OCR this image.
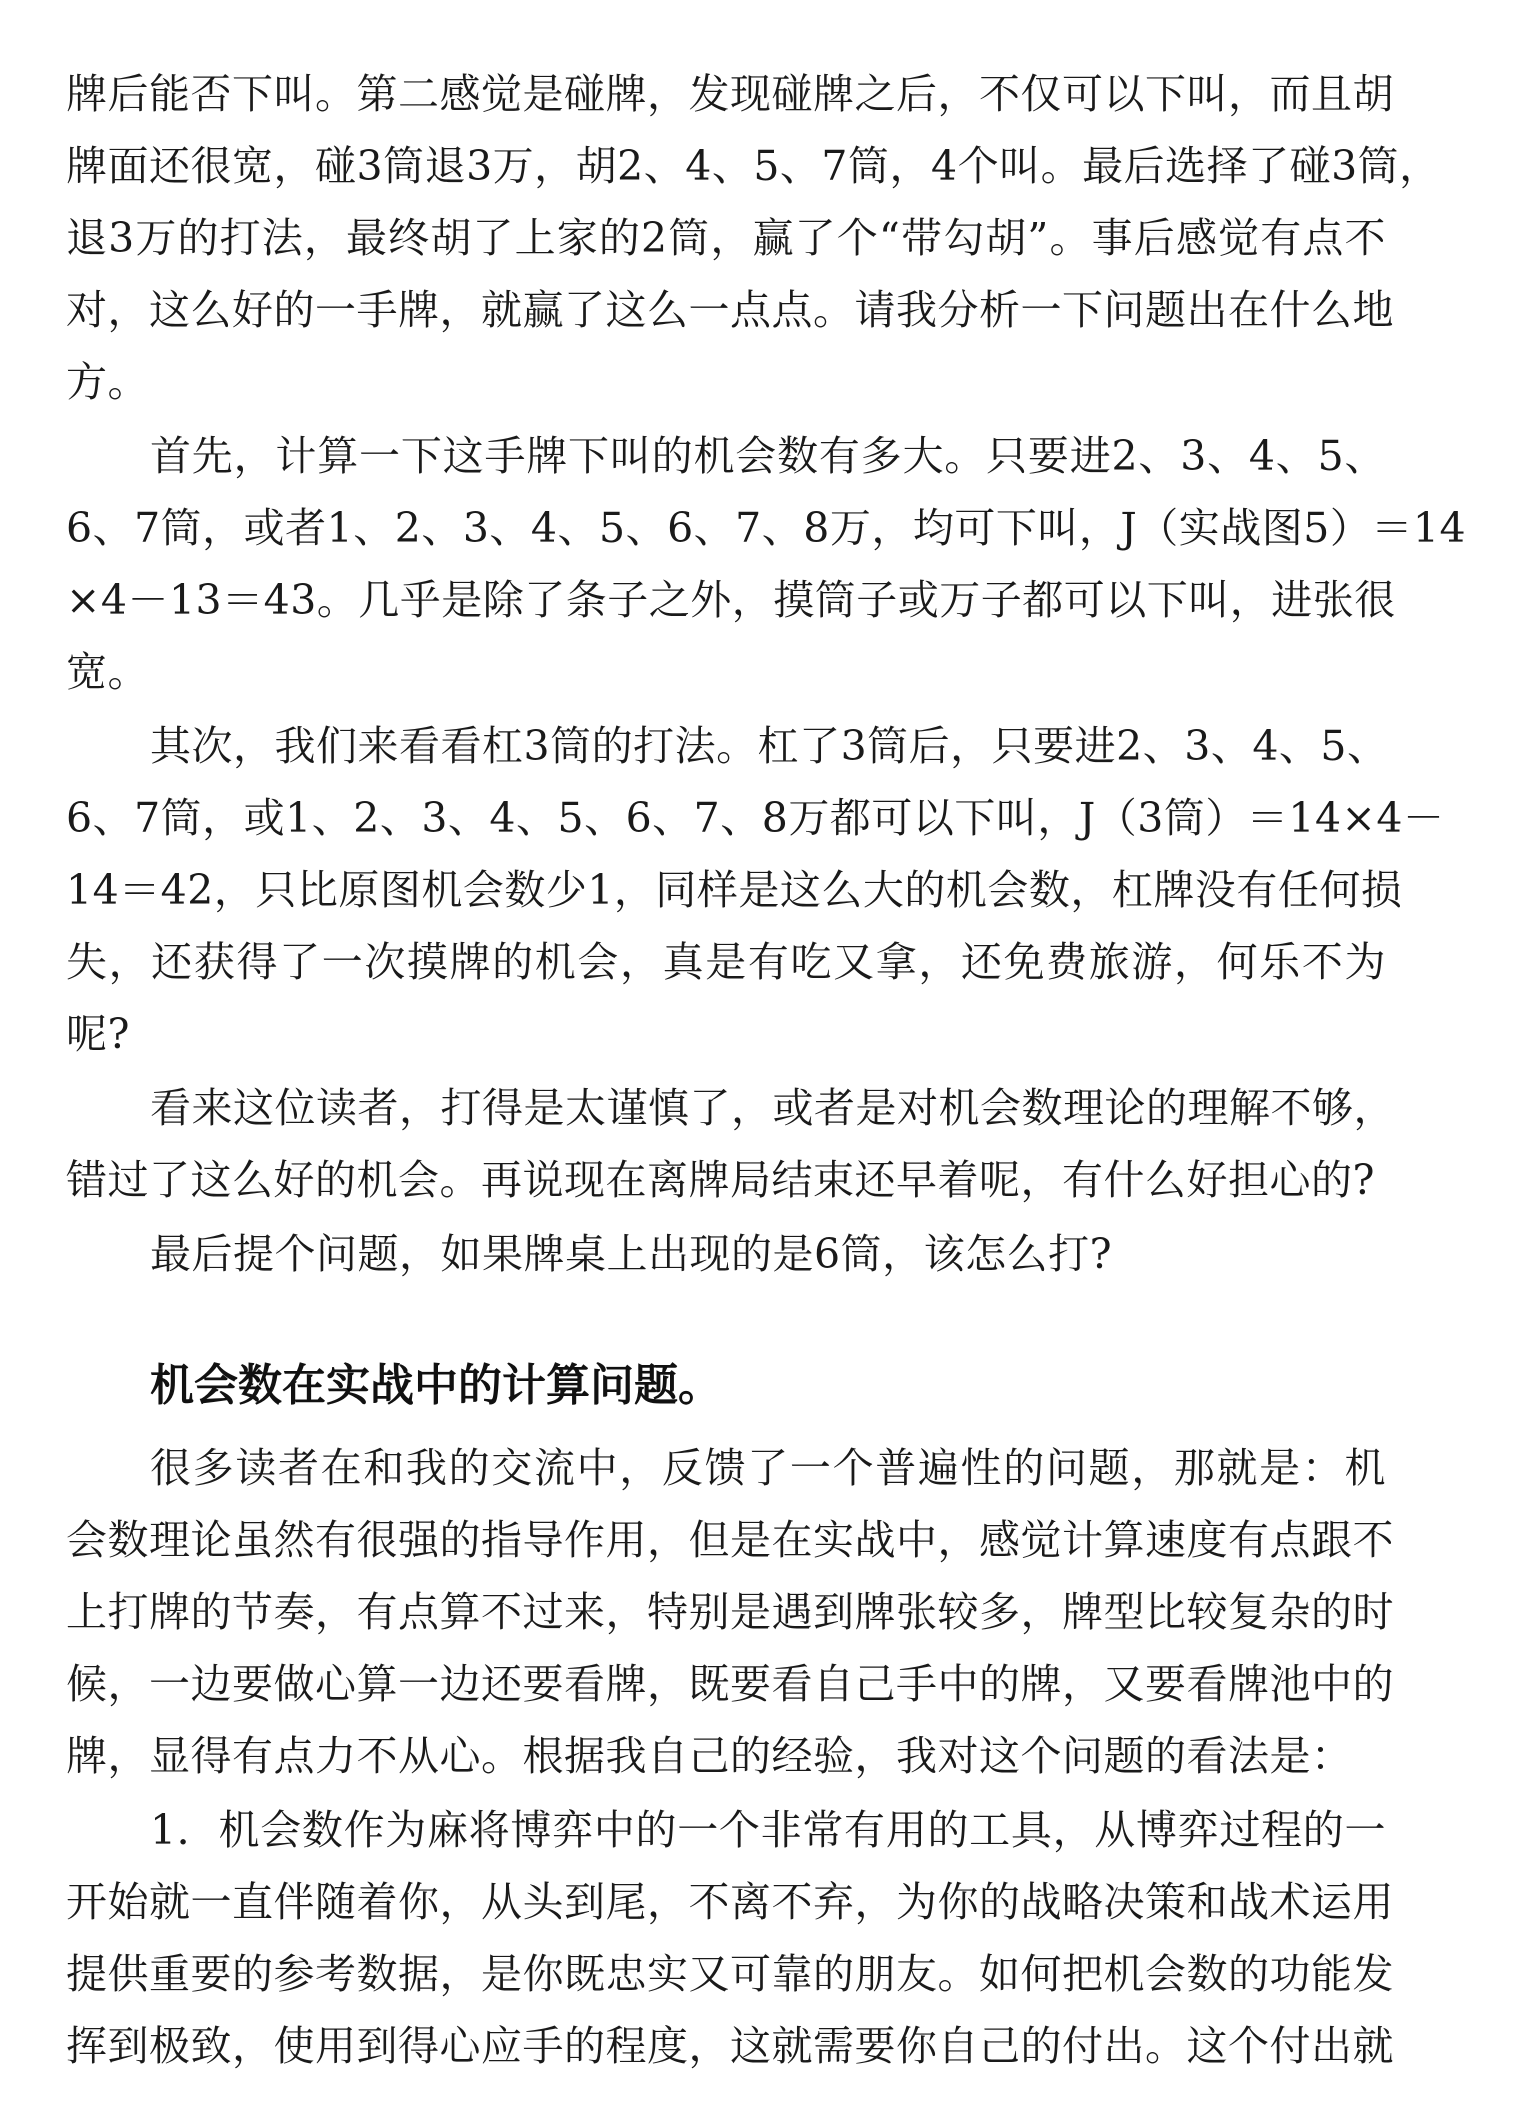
牌后能否下叫。第二感觉是碰牌，发现碰牌之后，不仅可以下叫，而且胡
牌面还很宽，碰3筒退3万，胡2、4、5、7筒，4个叫。最后选择了碰3筒，
退3万的打法，最终胡了上家的2筒，赢了个“带勾胡”。事后感觉有点不
对，这么好的一手牌，就赢了这么一点点。请我分析一下问题出在什么地
方。
首先，计算一下这手牌下叫的机会数有多大。只要进2、3、4、5、
6、7筒，或者1、2、3、4、5、6、7、8万，均可下叫，J（实战图5）＝14
×4－13＝43。几乎是除了条子之外，摸筒子或万子都可以下叫，进张很
宽。
其次，我们来看看杠3筒的打法。杠了3筒后，只要进2、3、4、5、
6、7筒，或1、2、3、4、5、6、7、8万都可以下叫，J（3筒）＝14×4－
14＝42，只比原图机会数少1，同样是这么大的机会数，杠牌没有任何损
失，还获得了一次摸牌的机会，真是有吃又拿，还免费旅游，何乐不为
呢?
看来这位读者，打得是太谨慎了，或者是对机会数理论的理解不够，
错过了这么好的机会。再说现在离牌局结束还早着呢，有什么好担心的?
最后提个问题，如果牌桌上出现的是6筒，该怎么打?
机会数在实战中的计算问题。
很多读者在和我的交流中，反馈了一个普遍性的问题，那就是：机
会数理论虽然有很强的指导作用，但是在实战中，感觉计算速度有点跟不
上打牌的节奏，有点算不过来，特别是遇到牌张较多，牌型比较复杂的时
候，一边要做心算一边还要看牌，既要看自己手中的牌，又要看牌池中的
牌，显得有点力不从心。根据我自己的经验，我对这个问题的看法是：
1．机会数作为麻将博弈中的一个非常有用的工具，从博弈过程的一
开始就一直伴随着你，从头到尾，不离不弃，为你的战略决策和战术运用
提供重要的参考数据，是你既忠实又可靠的朋友。如何把机会数的功能发
挥到极致，使用到得心应手的程度，这就需要你自己的付出。这个付出就
